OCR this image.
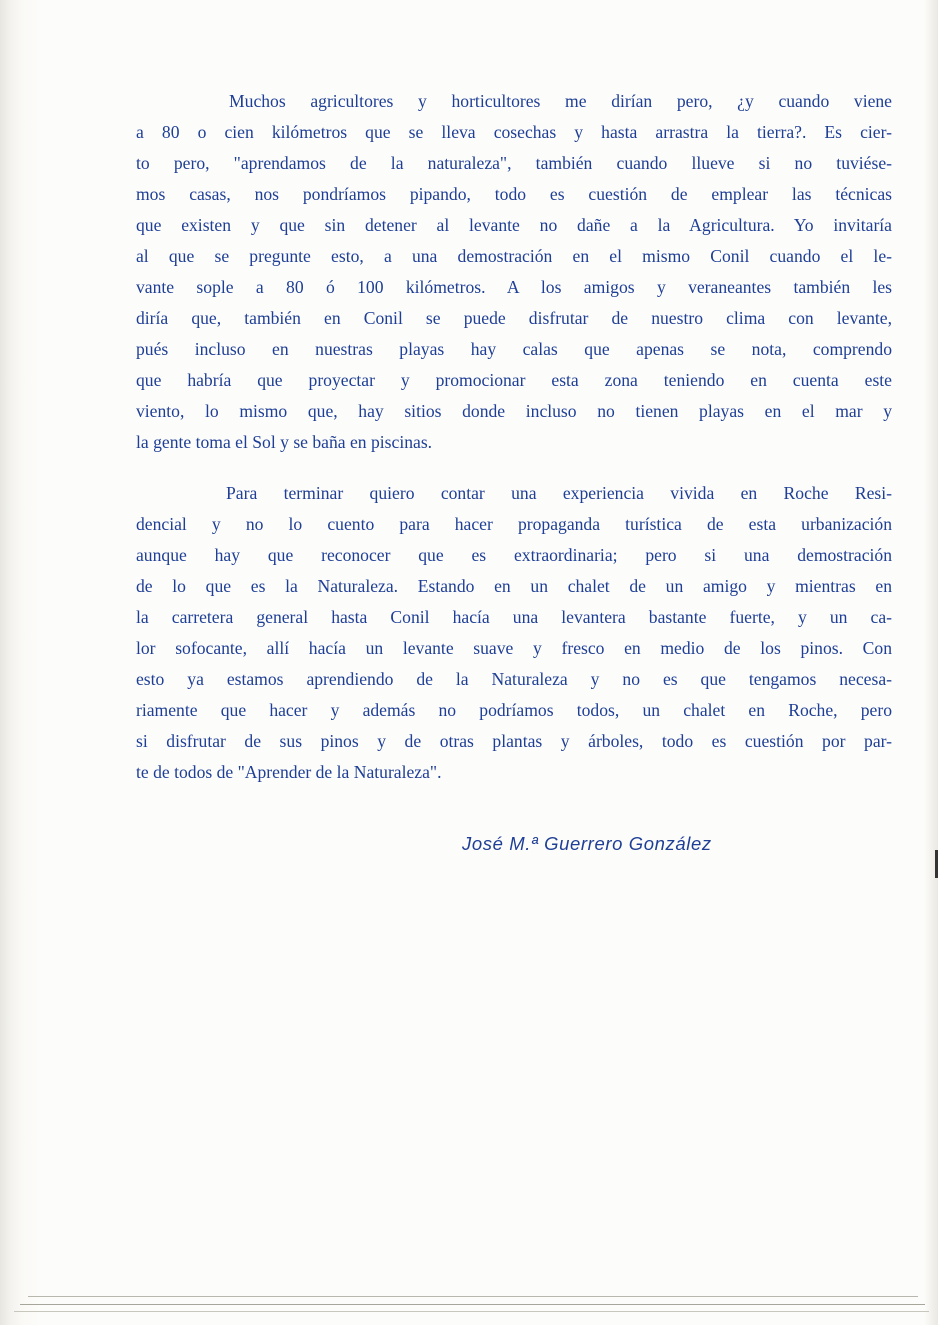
Muchos agricultores y horticultores me dirían pero, ¿y cuando viene
a 80 o cien kilómetros que se lleva cosechas y hasta arrastra la tierra?. Es cier-
to pero, "aprendamos de la naturaleza", también cuando llueve si no tuviése-
mos casas, nos pondríamos pipando, todo es cuestión de emplear las técnicas
que existen y que sin detener al levante no dañe a la Agricultura. Yo invitaría
al que se pregunte esto, a una demostración en el mismo Conil cuando el le-
vante sople a 80 ó 100 kilómetros. A los amigos y veraneantes también les
diría que, también en Conil se puede disfrutar de nuestro clima con levante,
pués incluso en nuestras playas hay calas que apenas se nota, comprendo
que habría que proyectar y promocionar esta zona teniendo en cuenta este
viento, lo mismo que, hay sitios donde incluso no tienen playas en el mar y
la gente toma el Sol y se baña en piscinas.
Para terminar quiero contar una experiencia vivida en Roche Resi-
dencial y no lo cuento para hacer propaganda turística de esta urbanización
aunque hay que reconocer que es extraordinaria; pero si una demostración
de lo que es la Naturaleza. Estando en un chalet de un amigo y mientras en
la carretera general hasta Conil hacía una levantera bastante fuerte, y un ca-
lor sofocante, allí hacía un levante suave y fresco en medio de los pinos. Con
esto ya estamos aprendiendo de la Naturaleza y no es que tengamos necesa-
riamente que hacer y además no podríamos todos, un chalet en Roche, pero
si disfrutar de sus pinos y de otras plantas y árboles, todo es cuestión por par-
te de todos de "Aprender de la Naturaleza".
José M.ª Guerrero González
